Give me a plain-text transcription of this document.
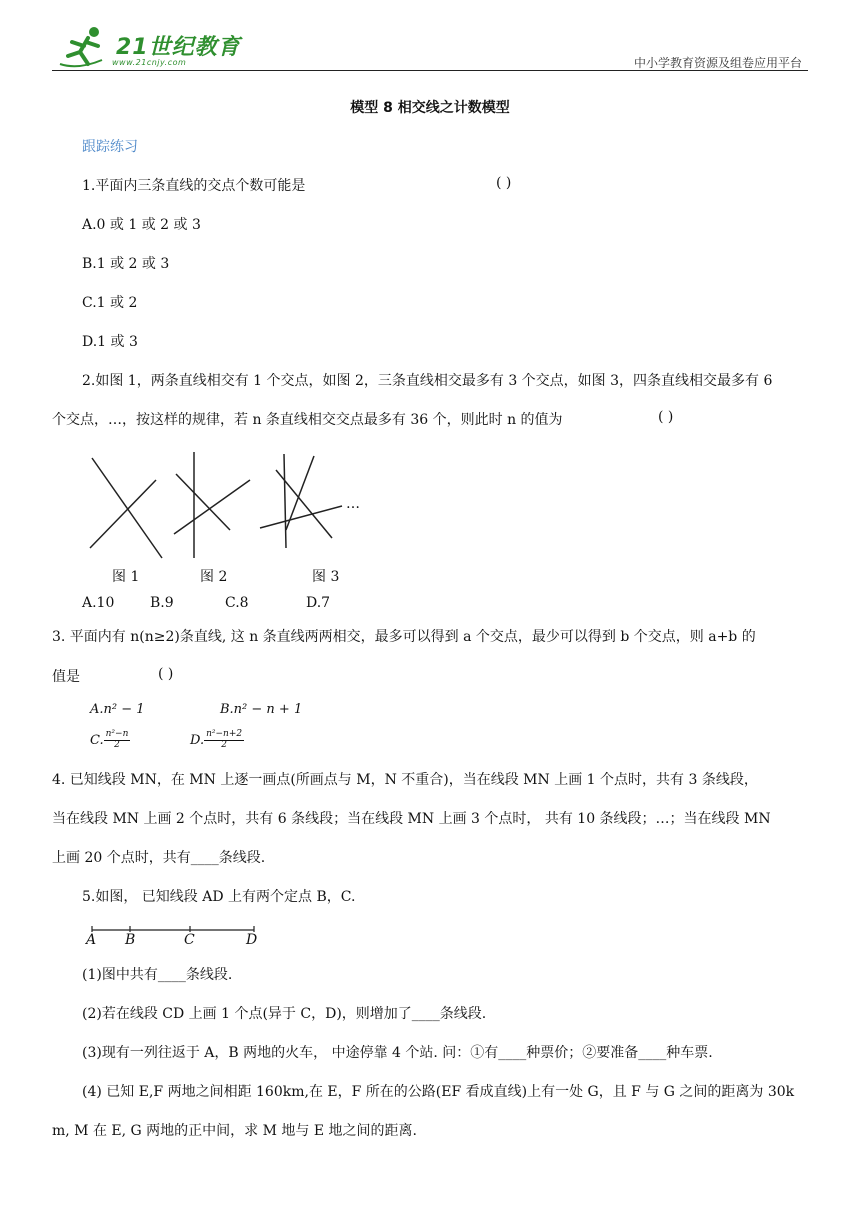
21世纪教育
www.21cnjy.com	中小学教育资源及组卷应用平台
模型 8 相交线之计数模型
跟踪练习
1.平面内三条直线的交点个数可能是	( )
A.0 或 1 或 2 或 3
B.1 或 2 或 3
C.1 或 2
D.1 或 3
2.如图 1，两条直线相交有 1 个交点，如图 2，三条直线相交最多有 3 个交点，如图 3，四条直线相交最多有 6
个交点，…，按这样的规律，若 n 条直线相交交点最多有 36 个，则此时 n 的值为	( )
…
图 1	图 2	图 3
A.10	B.9	C.8	D.7
3. 平面内有 n(n≥2)条直线, 这 n 条直线两两相交，最多可以得到 a 个交点，最少可以得到 b 个交点，则 a+b 的
值是	( )
A.n² − 1	B.n² − n + 1
C. $\frac{\text{n²−n}}{2}$	D. $\frac{\text{n²−n+2}}{2}$
4. 已知线段 MN，在 MN 上逐一画点(所画点与 M，N 不重合)，当在线段 MN 上画 1 个点时，共有 3 条线段，
当在线段 MN 上画 2 个点时，共有 6 条线段；当在线段 MN 上画 3 个点时， 共有 10 条线段；…；当在线段 MN
上画 20 个点时，共有____条线段.
5.如图， 已知线段 AD 上有两个定点 B，C.
A B	C	D
(1)图中共有____条线段.
(2)若在线段 CD 上画 1 个点(异于 C，D)，则增加了____条线段.
(3)现有一列往返于 A，B 两地的火车， 中途停靠 4 个站. 问：①有____种票价；②要准备____种车票.
(4) 已知 E,F 两地之间相距 160km,在 E，F 所在的公路(EF 看成直线)上有一处 G，且 F 与 G 之间的距离为 30k
m, M 在 E, G 两地的正中间，求 M 地与 E 地之间的距离.
